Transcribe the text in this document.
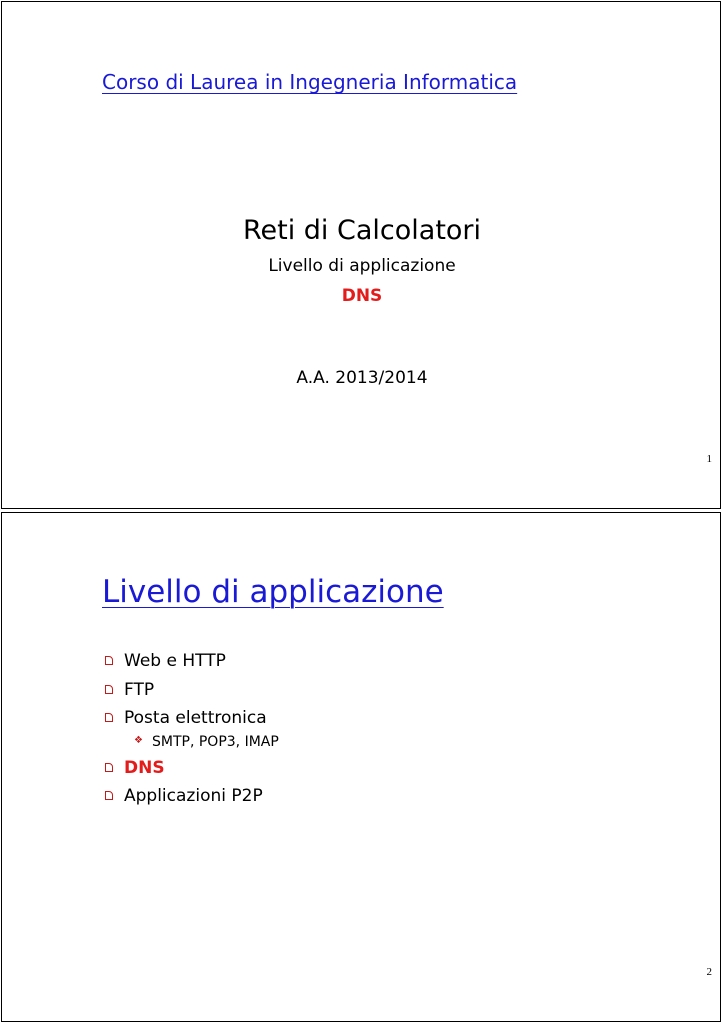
Corso di Laurea in Ingegneria Informatica
Reti di Calcolatori
Livello di applicazione
DNS
A.A. 2013/2014
1
Livello di applicazione
Web e HTTP
FTP
Posta elettronica
❖ SMTP, POP3, IMAP
DNS
Applicazioni P2P
2
